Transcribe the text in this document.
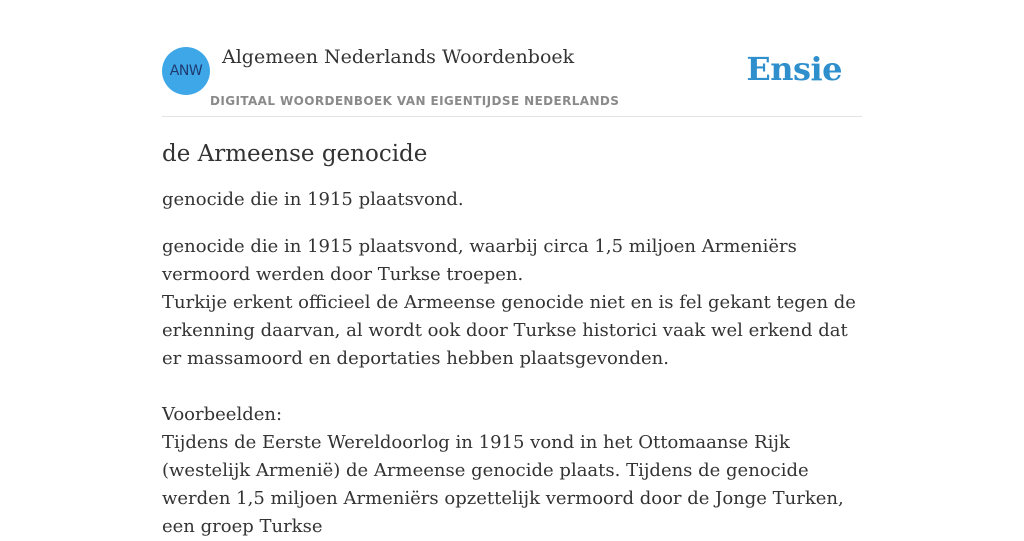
ANW
Algemeen Nederlands Woordenboek
DIGITAAL WOORDENBOEK VAN EIGENTIJDSE NEDERLANDS
Ensie
de Armeense genocide

genocide die in 1915 plaatsvond.

genocide die in 1915 plaatsvond, waarbij circa 1,5 miljoen Armeniërs vermoord werden door Turkse troepen.
Turkije erkent officieel de Armeense genocide niet en is fel gekant tegen de erkenning daarvan, al wordt ook door Turkse historici vaak wel erkend dat er massamoord en deportaties hebben plaatsgevonden.
Voorbeelden:
Tijdens de Eerste Wereldoorlog in 1915 vond in het Ottomaanse Rijk (westelijk Armenië) de Armeense genocide plaats. Tijdens de genocide werden 1,5 miljoen Armeniërs opzettelijk vermoord door de Jonge Turken, een groep Turkse
